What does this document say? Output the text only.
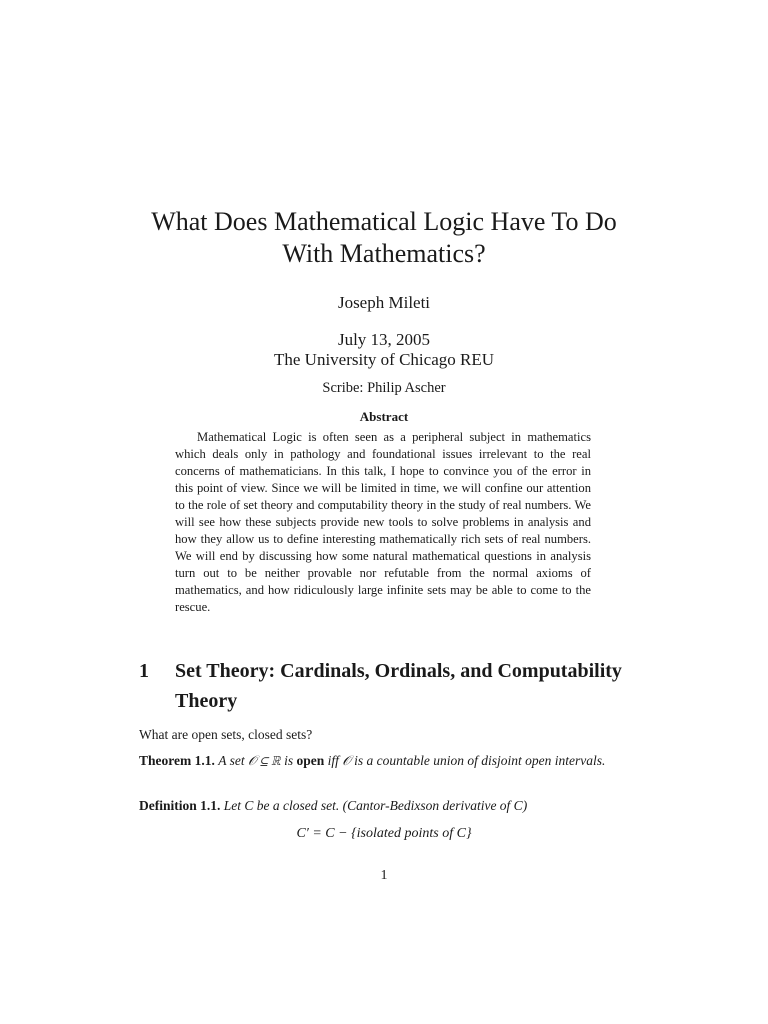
What Does Mathematical Logic Have To Do
With Mathematics?
Joseph Mileti
July 13, 2005
The University of Chicago REU
Scribe: Philip Ascher
Abstract
Mathematical Logic is often seen as a peripheral subject in mathematics which deals only in pathology and foundational issues irrelevant to the real concerns of mathematicians. In this talk, I hope to convince you of the error in this point of view. Since we will be limited in time, we will confine our attention to the role of set theory and computability theory in the study of real numbers. We will see how these subjects provide new tools to solve problems in analysis and how they allow us to define interesting mathematically rich sets of real numbers. We will end by discussing how some natural mathematical questions in analysis turn out to be neither provable nor refutable from the normal axioms of mathematics, and how ridiculously large infinite sets may be able to come to the rescue.
1 Set Theory: Cardinals, Ordinals, and Computability Theory
What are open sets, closed sets?
Theorem 1.1. A set 𝒪 ⊆ ℝ is open iff 𝒪 is a countable union of disjoint open intervals.
Definition 1.1. Let C be a closed set. (Cantor-Bedixson derivative of C)
C′ = C − {isolated points of C}
1
